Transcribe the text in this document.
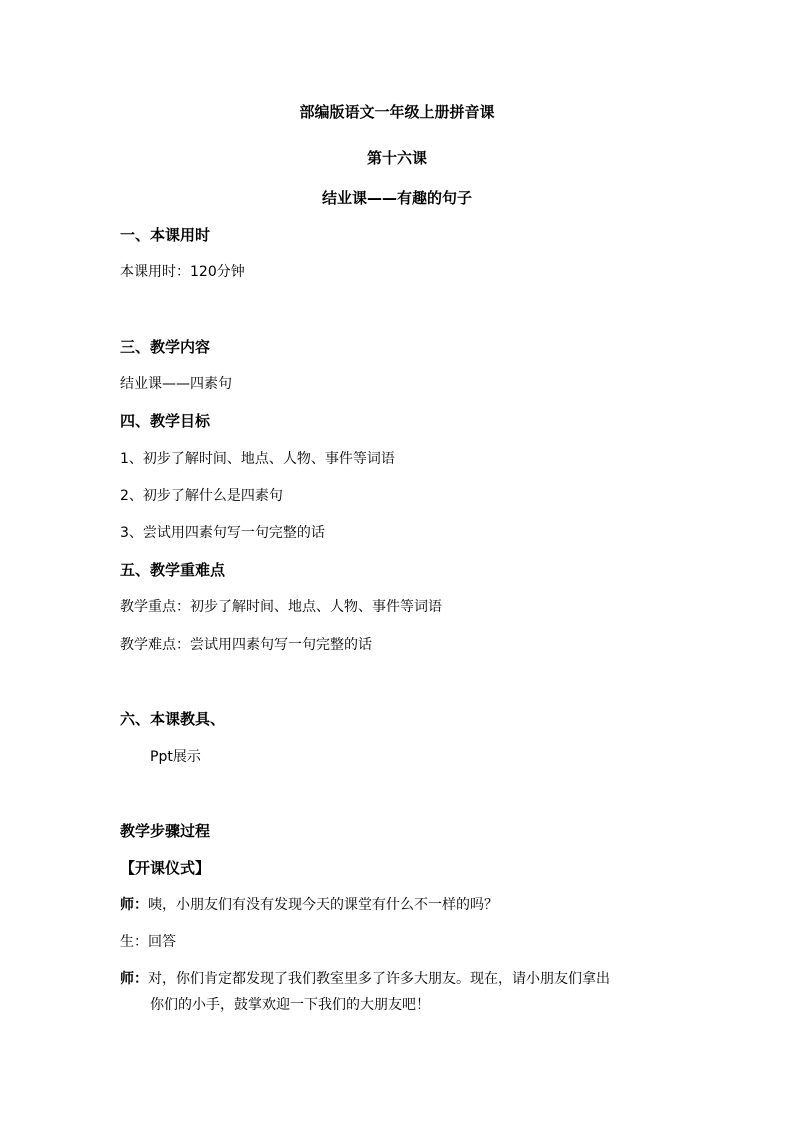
部编版语文一年级上册拼音课
第十六课
结业课——有趣的句子
一、本课用时
本课用时：120分钟
三、教学内容
结业课——四素句
四、教学目标
1、初步了解时间、地点、人物、事件等词语
2、初步了解什么是四素句
3、尝试用四素句写一句完整的话
五、教学重难点
教学重点：初步了解时间、地点、人物、事件等词语
教学难点：尝试用四素句写一句完整的话
六、本课教具、
Ppt展示
教学步骤过程
【开课仪式】
师：咦，小朋友们有没有发现今天的课堂有什么不一样的吗？
生：回答
师：对，你们肯定都发现了我们教室里多了许多大朋友。现在，请小朋友们拿出
你们的小手，鼓掌欢迎一下我们的大朋友吧！
